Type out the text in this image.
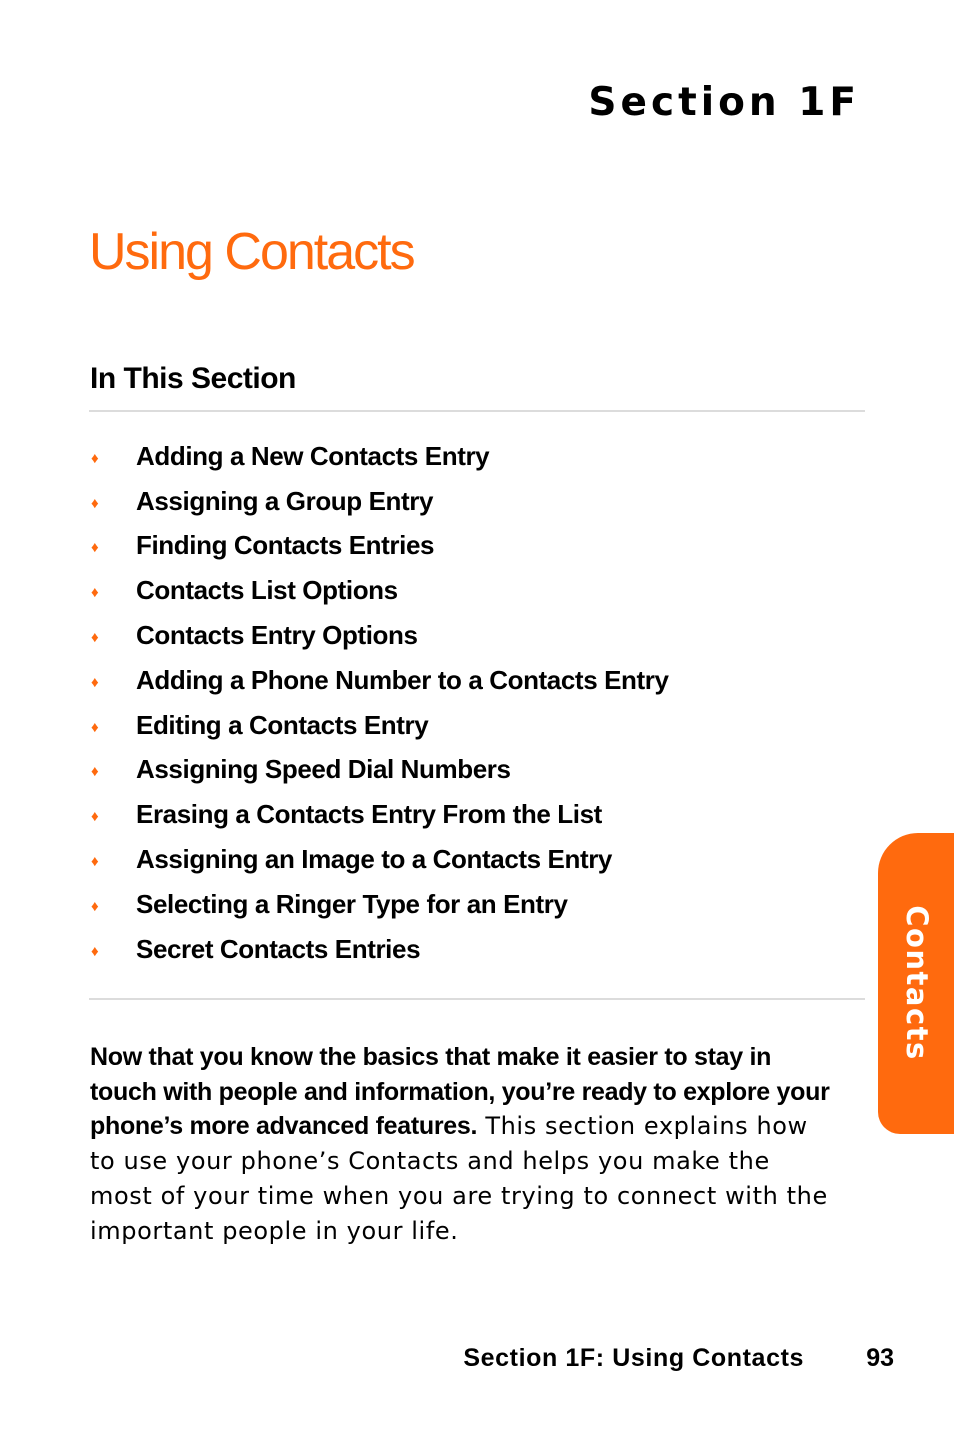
Section 1F
Using Contacts
In This Section
♦	Adding a New Contacts Entry
♦	Assigning a Group Entry
♦	Finding Contacts Entries
♦	Contacts List Options
♦	Contacts Entry Options
♦	Adding a Phone Number to a Contacts Entry
♦	Editing a Contacts Entry
♦	Assigning Speed Dial Numbers
♦	Erasing a Contacts Entry From the List
♦	Assigning an Image to a Contacts Entry
♦	Selecting a Ringer Type for an Entry
♦	Secret Contacts Entries

Now that you know the basics that make it easier to stay in touch with people and information, you’re ready to explore your phone’s more advanced features. This section explains how to use your phone’s Contacts and helps you make the most of your time when you are trying to connect with the important people in your life.

Contacts
Section 1F: Using Contacts 93
